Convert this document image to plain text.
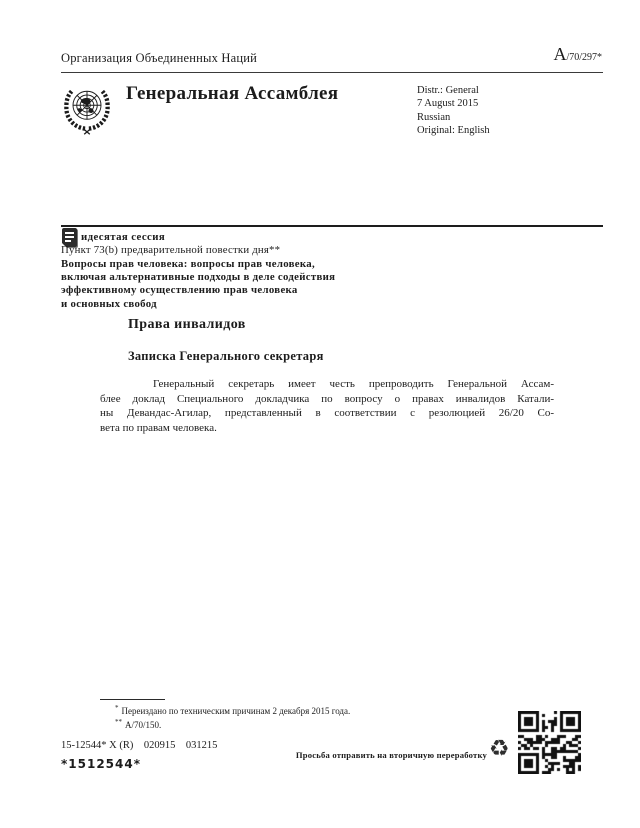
Организация Объединенных Наций	A/70/297*
Генеральная Ассамблея	Distr.: General
7 August 2015
Russian
Original: English
идесятая сессия
Пункт 73(b) предварительной повестки дня**
Вопросы прав человека: вопросы прав человека,
включая альтернативные подходы в деле содействия
эффективному осуществлению прав человека
и основных свобод
Права инвалидов
Записка Генерального секретаря
Генеральный секретарь имеет честь препроводить Генеральной Ассам-
блее доклад Специального докладчика по вопросу о правах инвалидов Катали-
ны Девандас-Агилар, представленный в соответствии с резолюцией 26/20 Со-
вета по правам человека.
* Переиздано по техническим причинам 2 декабря 2015 года.
** A/70/150.
15-12544* X (R)    020915    031215
*1512544*
Просьба отправить на вторичную переработку ♻
